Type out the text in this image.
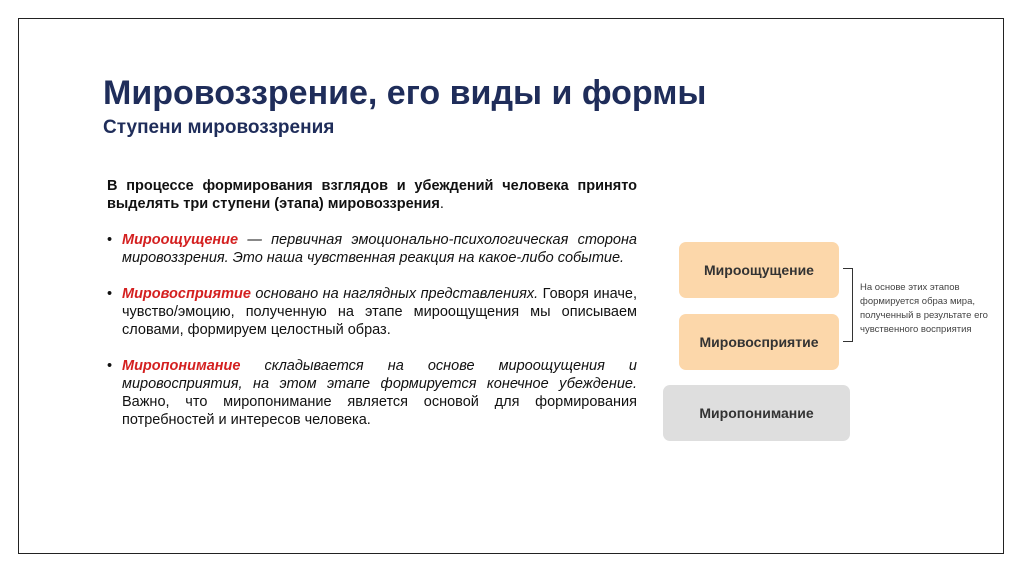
Мировоззрение, его виды и формы
Ступени мировоззрения

В процессе формирования взглядов и убеждений человека принято выделять три ступени (этапа) мировоззрения.

• Мироощущение — первичная эмоционально-психологическая сторона мировоззрения. Это наша чувственная реакция на какое-либо событие.
• Мировосприятие основано на наглядных представлениях. Говоря иначе, чувство/эмоцию, полученную на этапе мироощущения мы описываем словами, формируем целостный образ.
• Миропонимание складывается на основе мироощущения и мировосприятия, на этом этапе формируется конечное убеждение. Важно, что миропонимание является основой для формирования потребностей и интересов человека.
Мироощущение
Мировосприятие
Миропонимание
На основе этих этапов формируется образ мира, полученный в результате его чувственного восприятия
